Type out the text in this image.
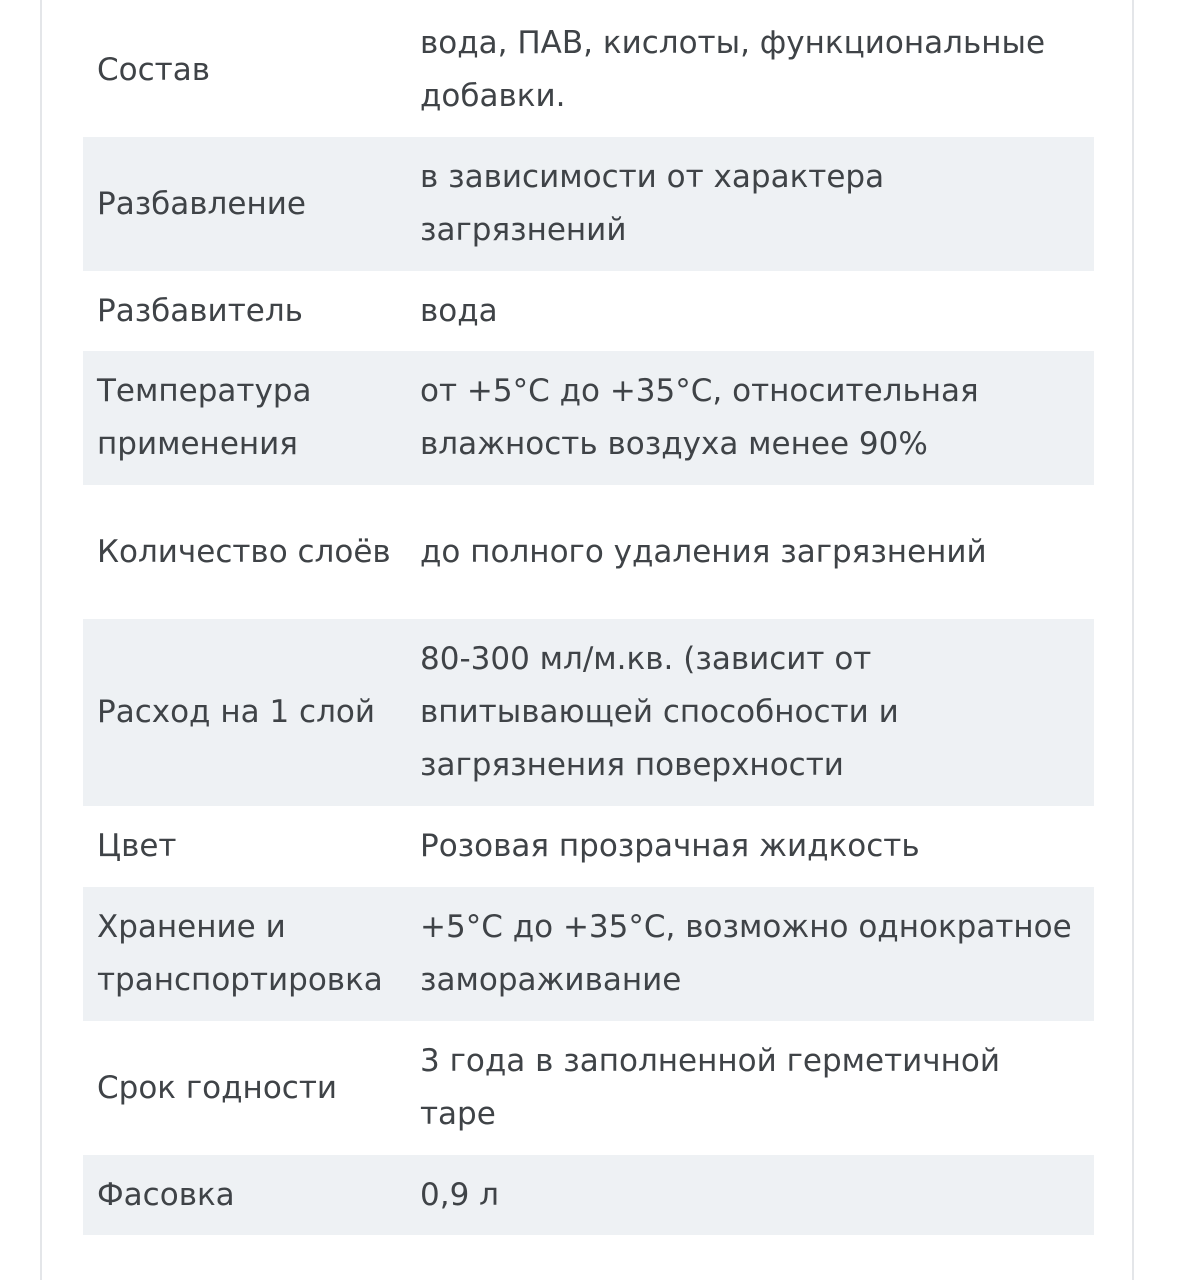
Состав	вода, ПАВ, кислоты, функциональные добавки.
Разбавление	в зависимости от характера загрязнений
Разбавитель	вода
Температура применения	от +5°С до +35°С, относительная влажность воздуха менее 90%
Количество слоёв	до полного удаления загрязнений
Расход на 1 слой	80-300 мл/м.кв. (зависит от впитывающей способности и загрязнения поверхности
Цвет	Розовая прозрачная жидкость
Хранение и транспортировка	+5°С до +35°С, возможно однократное замораживание
Срок годности	3 года в заполненной герметичной таре
Фасовка	0,9 л
